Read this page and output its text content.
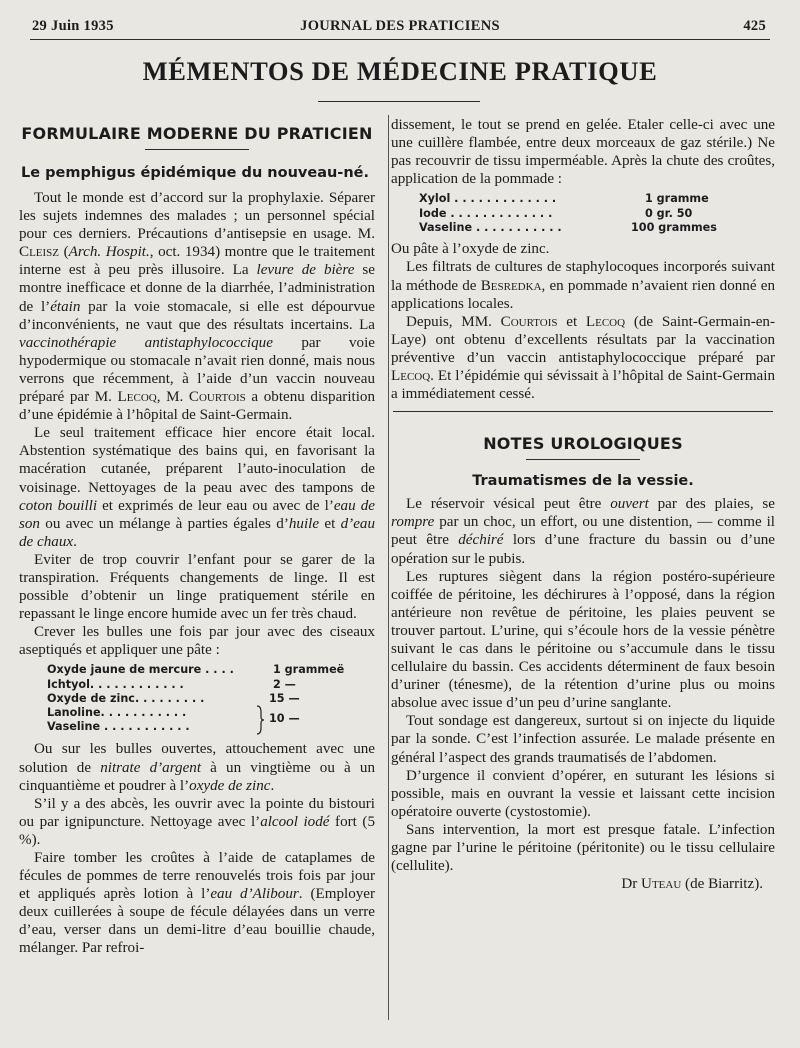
29 Juin 1935	JOURNAL DES PRATICIENS	425
MÉMENTOS DE MÉDECINE PRATIQUE
FORMULAIRE MODERNE DU PRATICIEN
Le pemphigus épidémique du nouveau-né.

Tout le monde est d’accord sur la prophylaxie. Séparer les sujets indemnes des malades ; un personnel spécial pour ces derniers. Précautions d’antisepsie en usage. M. Cleisz (Arch. Hospit., oct. 1934) montre que le traitement interne est à peu près illusoire. La levure de bière se montre inefficace et donne de la diarrhée, l’administration de l’étain par la voie stomacale, si elle est dépourvue d’inconvénients, ne vaut que des résultats incertains. La vaccinothérapie antistaphylococcique par voie hypodermique ou stomacale n’avait rien donné, mais nous verrons que récemment, à l’aide d’un vaccin nouveau préparé par M. Lecoq, M. Courtois a obtenu disparition d’une épidémie à l’hôpital de Saint-Germain.

Le seul traitement efficace hier encore était local. Abstention systématique des bains qui, en favorisant la macération cutanée, préparent l’auto-inoculation de voisinage. Nettoyages de la peau avec des tampons de coton bouilli et exprimés de leur eau ou avec de l’eau de son ou avec un mélange à parties égales d’huile et d’eau de chaux.

Eviter de trop couvrir l’enfant pour se garer de la transpiration. Fréquents changements de linge. Il est possible d’obtenir un linge pratiquement stérile en repassant le linge encore humide avec un fer très chaud.

Crever les bulles une fois par jour avec des ciseaux aseptiqués et appliquer une pâte :

Oxyde jaune de mercure . . . .	1 grammeë
Ichtyol. . . . . . . . . . . .	2 —
Oxyde de zinc. . . . . . . . .	15 —
Lanoline. . . . . . . . . . .
Vaseline . . . . . . . . . . .
10 —

Ou sur les bulles ouvertes, attouchement avec une solution de nitrate d’argent à un vingtième ou à un cinquantième et poudrer à l’oxyde de zinc.

S’il y a des abcès, les ouvrir avec la pointe du bistouri ou par ignipuncture. Nettoyage avec l’alcool iodé fort (5 %).

Faire tomber les croûtes à l’aide de cataplames de fécules de pommes de terre renouvelés trois fois par jour et appliqués après lotion à l’eau d’Alibour. (Employer deux cuillerées à soupe de fécule délayées dans un verre d’eau, verser dans un demi-litre d’eau bouillie chaude, mélanger. Par refroi-

dissement, le tout se prend en gelée. Etaler celle-ci avec une une cuillère flambée, entre deux morceaux de gaz stérile.) Ne pas recouvrir de tissu imperméable. Après la chute des croûtes, application de la pommade :

Xylol . . . . . . . . . . . . .	1 gramme
Iode . . . . . . . . . . . . .	0 gr. 50
Vaseline . . . . . . . . . . .	100 grammes

Ou pâte à l’oxyde de zinc.

Les filtrats de cultures de staphylocoques incorporés suivant la méthode de Besredka, en pommade n’avaient rien donné en applications locales.

Depuis, MM. Courtois et Lecoq (de Saint-Germain-en-Laye) ont obtenu d’excellents résultats par la vaccination préventive d’un vaccin antistaphylococcique préparé par Lecoq. Et l’épidémie qui sévissait à l’hôpital de Saint-Germain a immédiatement cessé.

NOTES UROLOGIQUES
Traumatismes de la vessie.

Le réservoir vésical peut être ouvert par des plaies, se rompre par un choc, un effort, ou une distention, — comme il peut être déchiré lors d’une fracture du bassin ou d’une opération sur le pubis.

Les ruptures siègent dans la région postéro-supérieure coiffée de péritoine, les déchirures à l’opposé, dans la région antérieure non revêtue de péritoine, les plaies peuvent se trouver partout. L’urine, qui s’écoule hors de la vessie pénètre suivant le cas dans le péritoine ou s’accumule dans le tissu cellulaire du bassin. Ces accidents déterminent de faux besoin d’uriner (ténesme), de la rétention d’urine plus ou moins absolue avec issue d’un peu d’urine sanglante.

Tout sondage est dangereux, surtout si on injecte du liquide par la sonde. C’est l’infection assurée. Le malade présente en général l’aspect des grands traumatisés de l’abdomen.

D’urgence il convient d’opérer, en suturant les lésions si possible, mais en ouvrant la vessie et laissant cette incision opératoire ouverte (cystostomie).

Sans intervention, la mort est presque fatale. L’infection gagne par l’urine le péritoine (péritonite) ou le tissu cellulaire (cellulite).

Dr Uteau (de Biarritz).
